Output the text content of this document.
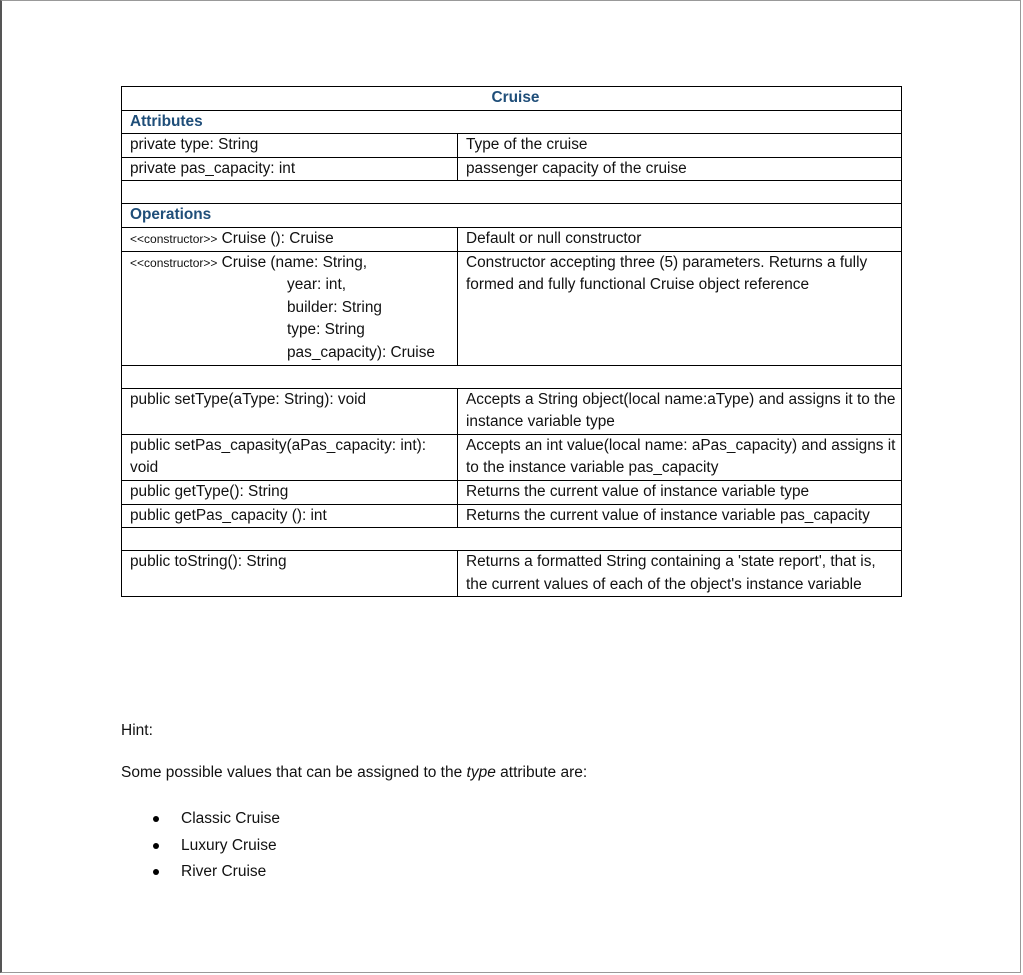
Cruise	
Attributes	
private type: String	Type of the cruise
private pas_capacity: int	passenger capacity of the cruise

Operations	
<<constructor>> Cruise (): Cruise	Default or null constructor
<<constructor>> Cruise (name: String,
year: int,
builder: String
type: String
pas_capacity): Cruise	Constructor accepting three (5) parameters. Returns a fully formed and fully functional Cruise object reference

public setType(aType: String): void	Accepts a String object(local name:aType) and assigns it to the instance variable type
public setPas_capasity(aPas_capacity: int): void	Accepts an int value(local name: aPas_capacity) and assigns it to the instance variable pas_capacity
public getType(): String	Returns the current value of instance variable type
public getPas_capacity (): int	Returns the current value of instance variable pas_capacity

public toString(): String	Returns a formatted String containing a 'state report', that is, the current values of each of the object's instance variable
Hint:
Some possible values that can be assigned to the type attribute are:
Classic Cruise
Luxury Cruise
River Cruise
